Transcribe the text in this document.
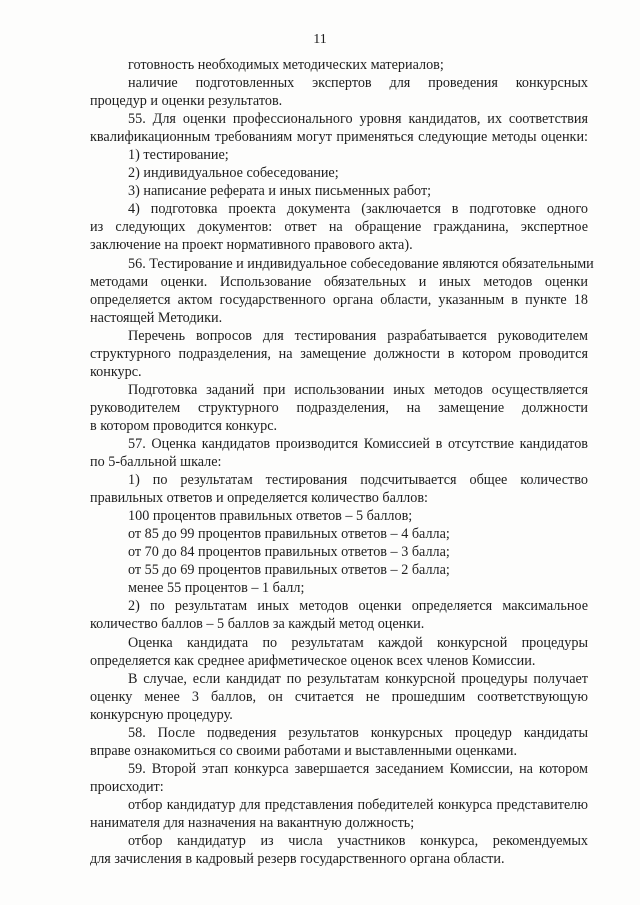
11
готовность необходимых методических материалов;
наличие подготовленных экспертов для проведения конкурсных
процедур и оценки результатов.
55. Для оценки профессионального уровня кандидатов, их соответствия
квалификационным требованиям могут применяться следующие методы оценки:
1) тестирование;
2) индивидуальное собеседование;
3) написание реферата и иных письменных работ;
4) подготовка проекта документа (заключается в подготовке одного
из следующих документов: ответ на обращение гражданина, экспертное
заключение на проект нормативного правового акта).
56. Тестирование и индивидуальное собеседование являются обязательными
методами оценки. Использование обязательных и иных методов оценки
определяется актом государственного органа области, указанным в пункте 18
настоящей Методики.
Перечень вопросов для тестирования разрабатывается руководителем
структурного подразделения, на замещение должности в котором проводится
конкурс.
Подготовка заданий при использовании иных методов осуществляется
руководителем структурного подразделения, на замещение должности
в котором проводится конкурс.
57. Оценка кандидатов производится Комиссией в отсутствие кандидатов
по 5-балльной шкале:
1) по результатам тестирования подсчитывается общее количество
правильных ответов и определяется количество баллов:
100 процентов правильных ответов – 5 баллов;
от 85 до 99 процентов правильных ответов – 4 балла;
от 70 до 84 процентов правильных ответов – 3 балла;
от 55 до 69 процентов правильных ответов – 2 балла;
менее 55 процентов – 1 балл;
2) по результатам иных методов оценки определяется максимальное
количество баллов – 5 баллов за каждый метод оценки.
Оценка кандидата по результатам каждой конкурсной процедуры
определяется как среднее арифметическое оценок всех членов Комиссии.
В случае, если кандидат по результатам конкурсной процедуры получает
оценку менее 3 баллов, он считается не прошедшим соответствующую
конкурсную процедуру.
58. После подведения результатов конкурсных процедур кандидаты
вправе ознакомиться со своими работами и выставленными оценками.
59. Второй этап конкурса завершается заседанием Комиссии, на котором
происходит:
отбор кандидатур для представления победителей конкурса представителю
нанимателя для назначения на вакантную должность;
отбор кандидатур из числа участников конкурса, рекомендуемых
для зачисления в кадровый резерв государственного органа области.
